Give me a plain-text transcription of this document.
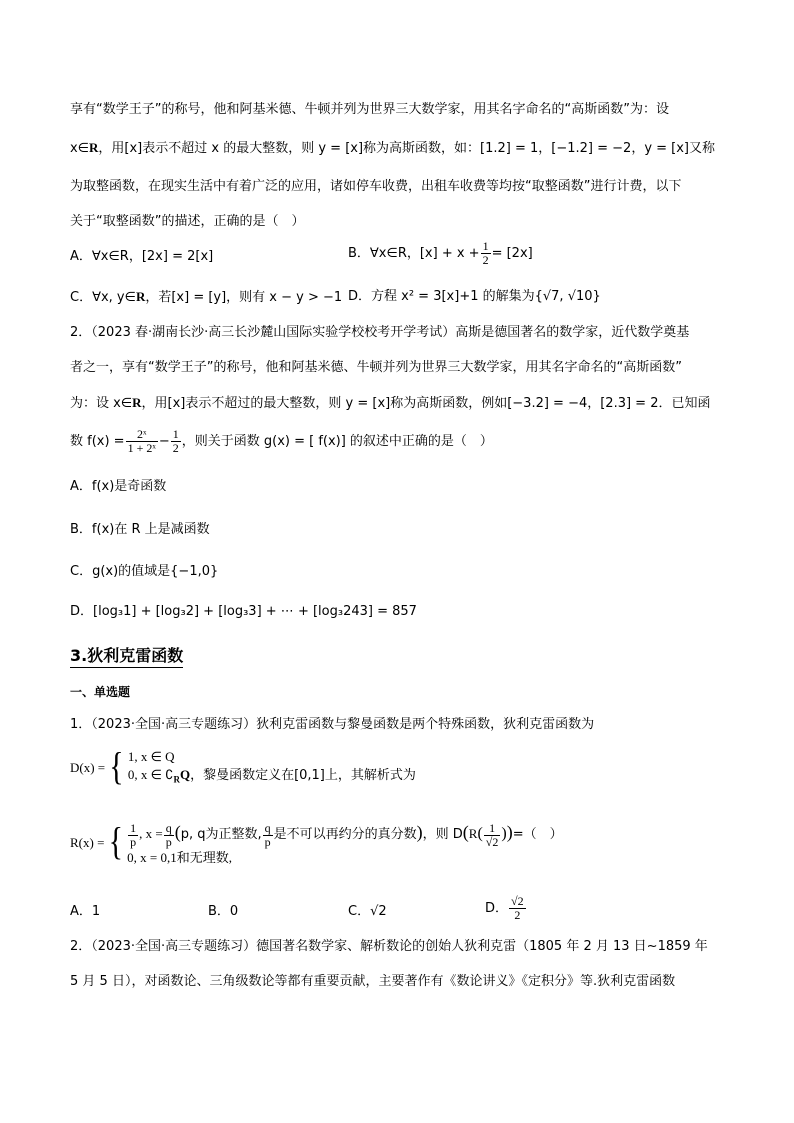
享有“数学王子”的称号，他和阿基米德、牛顿并列为世界三大数学家，用其名字命名的“高斯函数”为：设
x∈R，用[x]表示不超过 x 的最大整数，则 y = [x]称为高斯函数，如：[1.2] = 1，[−1.2] = −2，y = [x]又称
为取整函数，在现实生活中有着广泛的应用，诸如停车收费，出租车收费等均按“取整函数”进行计费，以下
关于“取整函数”的描述，正确的是（　）
A．∀x∈R，[2x] = 2[x]	B．∀x∈R，$[x] + x + \frac{1}{2} = [2x]$
C．∀x, y∈R，若[x] = [y]，则有 x − y > −1 D．方程 x² = 3[x]+1 的解集为{√7, √10}
2．（2023 春·湖南长沙·高三长沙麓山国际实验学校校考开学考试）高斯是德国著名的数学家，近代数学奠基
者之一，享有“数学王子”的称号，他和阿基米德、牛顿并列为世界三大数学家，用其名字命名的“高斯函数”
为：设 x∈R，用[x]表示不超过的最大整数，则 y = [x]称为高斯函数，例如[−3.2] = −4，[2.3] = 2．已知函
数 $f(x) = \frac{\text{2ˣ}}{\text{1 + 2ˣ}} - \frac{1}{2}$ ，则关于函数 g(x) = [ f(x)] 的叙述中正确的是（　）
A．f(x)是奇函数
B．f(x)在 R 上是减函数
C．g(x)的值域是{−1,0}
D．[log₃1] + [log₃2] + [log₃3] + ⋯ + [log₃243] = 857
3.狄利克雷函数
一、单选题
1．（2023·全国·高三专题练习）狄利克雷函数与黎曼函数是两个特殊函数，狄利克雷函数为
D(x) = { 1, x ∈ Q
0, x ∈ $∁_RQ$，黎曼函数定义在[0,1]上，其解析式为
R(x) = { $\frac{1}{p}$ , $x = \frac{q}{p} (p$, q为正整数, $\frac{q}{p}$ 是不可以再约分的真分数)，则 $D(R( \frac{1}{√2}$ ))=（　）
0, x = 0,1和无理数,
A．1	B．0	C．√2	D． $\frac{√2}{2}$
2．（2023·全国·高三专题练习）德国著名数学家、解析数论的创始人狄利克雷（1805 年 2 月 13 日~1859 年
5 月 5 日），对函数论、三角级数论等都有重要贡献，主要著作有《数论讲义》《定积分》等.狄利克雷函数
